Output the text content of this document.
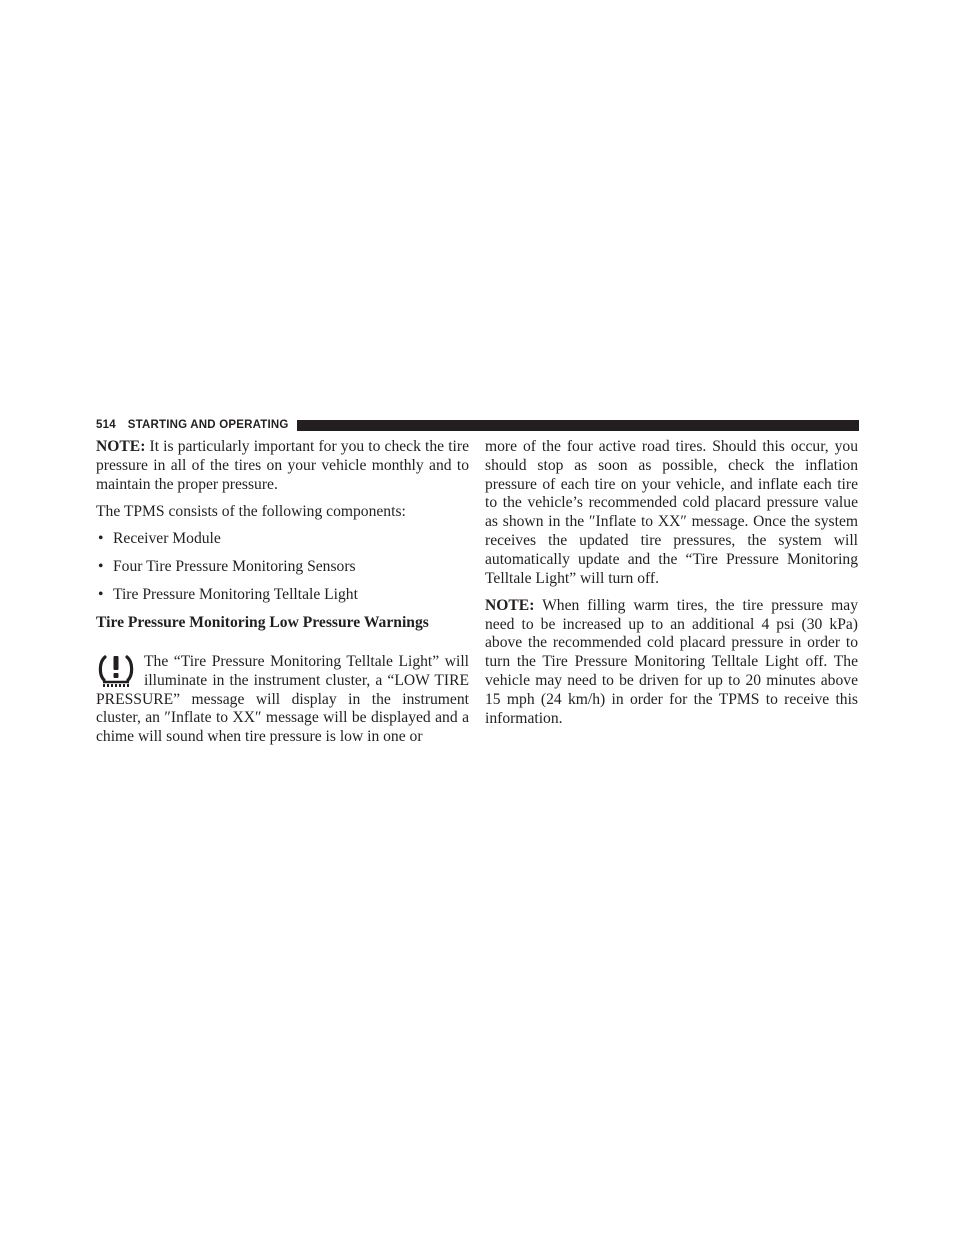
514 STARTING AND OPERATING

NOTE: It is particularly important for you to check the tire pressure in all of the tires on your vehicle monthly and to maintain the proper pressure.

The TPMS consists of the following components:

• Receiver Module
• Four Tire Pressure Monitoring Sensors
• Tire Pressure Monitoring Telltale Light

Tire Pressure Monitoring Low Pressure Warnings

The “Tire Pressure Monitoring Telltale Light” will illuminate in the instrument cluster, a “LOW TIRE PRESSURE” message will display in the instrument cluster, an ″Inflate to XX″ message will be displayed and a chime will sound when tire pressure is low in one or

more of the four active road tires. Should this occur, you should stop as soon as possible, check the inflation pressure of each tire on your vehicle, and inflate each tire to the vehicle’s recommended cold placard pressure value as shown in the ″Inflate to XX″ message. Once the system receives the updated tire pressures, the system will automatically update and the “Tire Pressure Monitoring Telltale Light” will turn off.

NOTE: When filling warm tires, the tire pressure may need to be increased up to an additional 4 psi (30 kPa) above the recommended cold placard pressure in order to turn the Tire Pressure Monitoring Telltale Light off. The vehicle may need to be driven for up to 20 minutes above 15 mph (24 km/h) in order for the TPMS to receive this information.
